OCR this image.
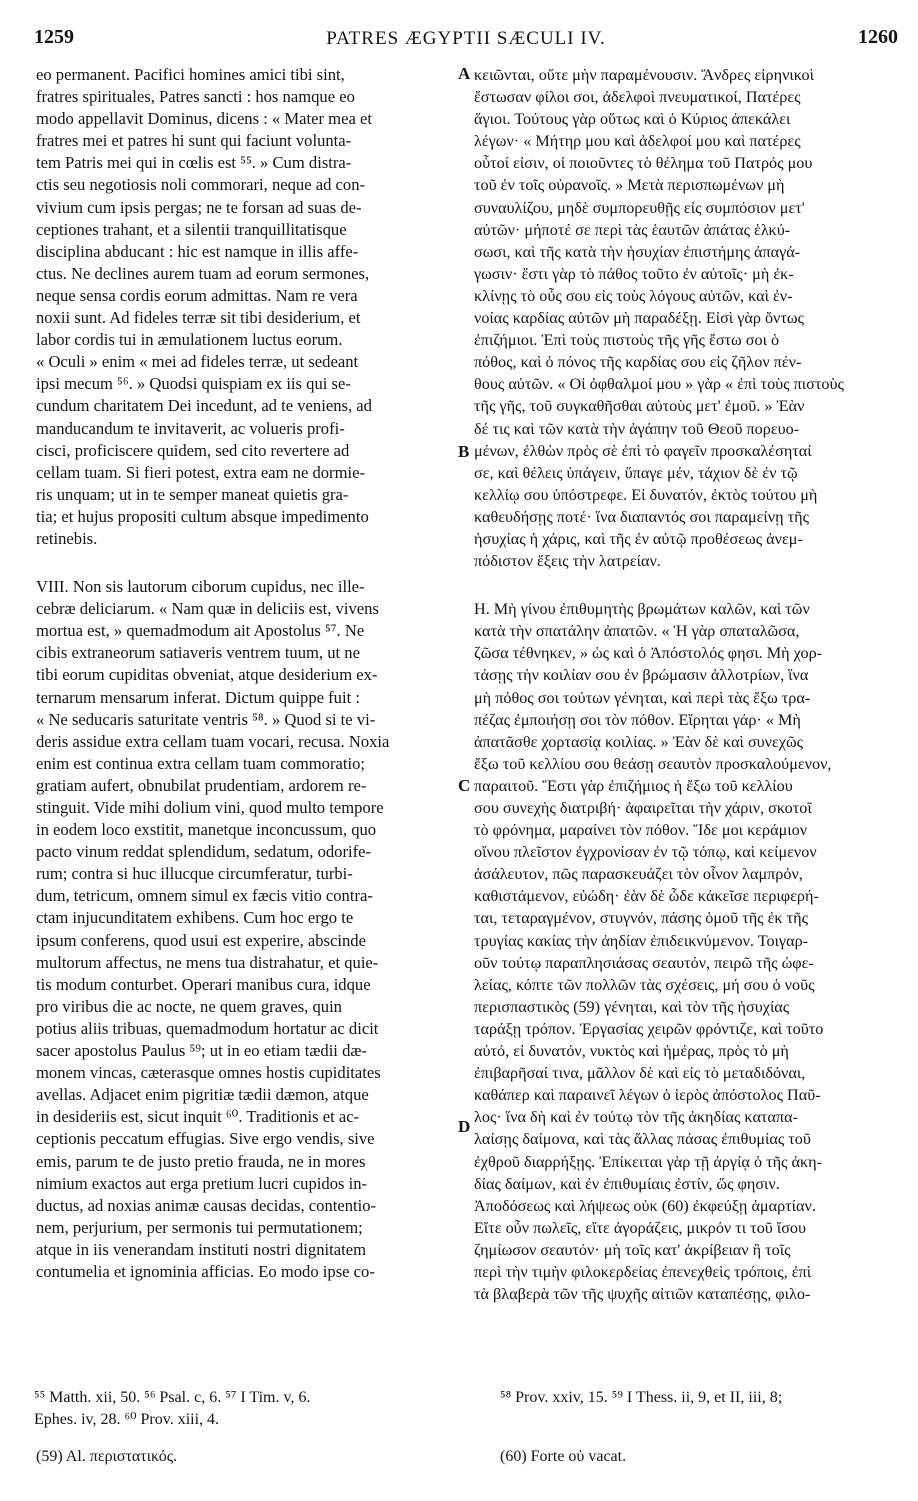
1259	PATRES ÆGYPTII SÆCULI IV.	1260
eo permanent. Pacifici homines amici tibi sint,
fratres spirituales, Patres sancti : hos namque eo
modo appellavit Dominus, dicens : « Mater mea et
fratres mei et patres hi sunt qui faciunt volunta-
tem Patris mei qui in cœlis est ⁵⁵. » Cum distra-
ctis seu negotiosis noli commorari, neque ad con-
vivium cum ipsis pergas; ne te forsan ad suas de-
ceptiones trahant, et a silentii tranquillitatisque
disciplina abducant : hic est namque in illis affe-
ctus. Ne declines aurem tuam ad eorum sermones,
neque sensa cordis eorum admittas. Nam re vera
noxii sunt. Ad fideles terræ sit tibi desiderium, et
labor cordis tui in æmulationem luctus eorum.
« Oculi » enim « mei ad fideles terræ, ut sedeant
ipsi mecum ⁵⁶. » Quodsi quispiam ex iis qui se-
cundum charitatem Dei incedunt, ad te veniens, ad
manducandum te invitaverit, ac volueris profi-
cisci, proficiscere quidem, sed cito revertere ad
cellam tuam. Si fieri potest, extra eam ne dormie-
ris unquam; ut in te semper maneat quietis gra-
tia; et hujus propositi cultum absque impedimento
retinebis.
VIII. Non sis lautorum ciborum cupidus, nec ille-
cebræ deliciarum. « Nam quæ in deliciis est, vivens
mortua est, » quemadmodum ait Apostolus ⁵⁷. Ne
cibis extraneorum satiaveris ventrem tuum, ut ne
tibi eorum cupiditas obveniat, atque desiderium ex-
ternarum mensarum inferat. Dictum quippe fuit :
« Ne seducaris saturitate ventris ⁵⁸. » Quod si te vi-
deris assidue extra cellam tuam vocari, recusa. Noxia
enim est continua extra cellam tuam commoratio;
gratiam aufert, obnubilat prudentiam, ardorem re-
stinguit. Vide mihi dolium vini, quod multo tempore
in eodem loco exstitit, manetque inconcussum, quo
pacto vinum reddat splendidum, sedatum, odorife-
rum; contra si huc illucque circumferatur, turbi-
dum, tetricum, omnem simul ex fæcis vitio contra-
ctam injucunditatem exhibens. Cum hoc ergo te
ipsum conferens, quod usui est experire, abscinde
multorum affectus, ne mens tua distrahatur, et quie-
tis modum conturbet. Operari manibus cura, idque
pro viribus die ac nocte, ne quem graves, quin
potius aliis tribuas, quemadmodum hortatur ac dicit
sacer apostolus Paulus ⁵⁹; ut in eo etiam tædii dæ-
monem vincas, cæterasque omnes hostis cupiditates
avellas. Adjacet enim pigritiæ tædii dæmon, atque
in desideriis est, sicut inquit ⁶⁰. Traditionis et ac-
ceptionis peccatum effugias. Sive ergo vendis, sive
emis, parum te de justo pretio frauda, ne in mores
nimium exactos aut erga pretium lucri cupidos in-
ductus, ad noxias animæ causas decidas, contentio-
nem, perjurium, per sermonis tui permutationem;
atque in iis venerandam instituti nostri dignitatem
contumelia et ignominia afficias. Eo modo ipse co-
κειῶνται, οὔτε μὴν παραμένουσιν. Ἄνδρες εἰρηνικοὶ
ἔστωσαν φίλοι σοι, ἀδελφοὶ πνευματικοί, Πατέρες
ἅγιοι. Τούτους γὰρ οὕτως καὶ ὁ Κύριος ἀπεκάλει
λέγων· « Μήτηρ μου καὶ ἀδελφοί μου καὶ πατέρες
οὗτοί εἰσιν, οἱ ποιοῦντες τὸ θέλημα τοῦ Πατρός μου
τοῦ ἐν τοῖς οὐρανοῖς. » Μετὰ περισπωμένων μὴ
συναυλίζου, μηδὲ συμπορευθῇς εἰς συμπόσιον μετ'
αὐτῶν· μήποτέ σε περὶ τὰς ἑαυτῶν ἀπάτας ἑλκύ-
σωσι, καὶ τῆς κατὰ τὴν ἡσυχίαν ἐπιστήμης ἀπαγά-
γωσιν· ἔστι γὰρ τὸ πάθος τοῦτο ἐν αὐτοῖς· μὴ ἐκ-
κλίνῃς τὸ οὖς σου εἰς τοὺς λόγους αὐτῶν, καὶ ἐν-
νοίας καρδίας αὐτῶν μὴ παραδέξῃ. Εἰσὶ γὰρ ὄντως
ἐπιζήμιοι. Ἐπὶ τοὺς πιστοὺς τῆς γῆς ἔστω σοι ὁ
πόθος, καὶ ὁ πόνος τῆς καρδίας σου εἰς ζῆλον πέν-
θους αὐτῶν. « Οἱ ὀφθαλμοί μου » γὰρ « ἐπὶ τοὺς πιστοὺς
τῆς γῆς, τοῦ συγκαθῆσθαι αὐτοὺς μετ' ἐμοῦ. » Ἐὰν
δέ τις καὶ τῶν κατὰ τὴν ἀγάπην τοῦ Θεοῦ πορευο-
μένων, ἐλθὼν πρὸς σὲ ἐπὶ τὸ φαγεῖν προσκαλέσηταί
σε, καὶ θέλεις ὑπάγειν, ὕπαγε μέν, τάχιον δὲ ἐν τῷ
κελλίῳ σου ὑπόστρεφε. Εἰ δυνατόν, ἐκτὸς τούτου μὴ
καθευδήσῃς ποτέ· ἵνα διαπαντός σοι παραμείνῃ τῆς
ἡσυχίας ἡ χάρις, καὶ τῆς ἐν αὐτῷ προθέσεως ἀνεμ-
πόδιστον ἕξεις τὴν λατρείαν.
Η. Μὴ γίνου ἐπιθυμητὴς βρωμάτων καλῶν, καὶ τῶν
κατὰ τὴν σπατάλην ἀπατῶν. « Ἡ γὰρ σπαταλῶσα,
ζῶσα τέθνηκεν, » ὡς καὶ ὁ Ἀπόστολός φησι. Μὴ χορ-
τάσῃς τὴν κοιλίαν σου ἐν βρώμασιν ἀλλοτρίων, ἵνα
μὴ πόθος σοι τούτων γένηται, καὶ περὶ τὰς ἔξω τρα-
πέζας ἐμποιήσῃ σοι τὸν πόθον. Εἴρηται γάρ· « Μὴ
ἀπατᾶσθε χορτασίᾳ κοιλίας. » Ἐὰν δὲ καὶ συνεχῶς
ἔξω τοῦ κελλίου σου θεάσῃ σεαυτὸν προσκαλούμενον,
παραιτοῦ. Ἔστι γὰρ ἐπιζήμιος ἡ ἔξω τοῦ κελλίου
σου συνεχὴς διατριβή· ἀφαιρεῖται τὴν χάριν, σκοτοῖ
τὸ φρόνημα, μαραίνει τὸν πόθον. Ἴδε μοι κεράμιον
οἴνου πλεῖστον ἐγχρονίσαν ἐν τῷ τόπῳ, καὶ κείμενον
ἀσάλευτον, πῶς παρασκευάζει τὸν οἶνον λαμπρόν,
καθιστάμενον, εὐώδη· ἐὰν δὲ ὧδε κἀκεῖσε περιφερή-
ται, τεταραγμένον, στυγνόν, πάσης ὁμοῦ τῆς ἐκ τῆς
τρυγίας κακίας τὴν ἀηδίαν ἐπιδεικνύμενον. Τοιγαρ-
οῦν τούτῳ παραπλησιάσας σεαυτόν, πειρῶ τῆς ὠφε-
λείας, κόπτε τῶν πολλῶν τὰς σχέσεις, μή σου ὁ νοῦς
περισπαστικὸς (59) γένηται, καὶ τὸν τῆς ἡσυχίας
ταράξῃ τρόπον. Ἐργασίας χειρῶν φρόντιζε, καὶ τοῦτο
αὐτό, εἰ δυνατόν, νυκτὸς καὶ ἡμέρας, πρὸς τὸ μὴ
ἐπιβαρῆσαί τινα, μᾶλλον δὲ καὶ εἰς τὸ μεταδιδόναι,
καθάπερ καὶ παραινεῖ λέγων ὁ ἱερὸς ἀπόστολος Παῦ-
λος· ἵνα δὴ καὶ ἐν τούτῳ τὸν τῆς ἀκηδίας καταπα-
λαίσῃς δαίμονα, καὶ τὰς ἄλλας πάσας ἐπιθυμίας τοῦ
ἐχθροῦ διαρρήξῃς. Ἐπίκειται γὰρ τῇ ἀργίᾳ ὁ τῆς ἀκη-
δίας δαίμων, καὶ ἐν ἐπιθυμίαις ἐστίν, ὥς φησιν.
Ἀποδόσεως καὶ λήψεως οὐκ (60) ἐκφεύξῃ ἁμαρτίαν.
Εἴτε οὖν πωλεῖς, εἴτε ἀγοράζεις, μικρόν τι τοῦ ἴσου
ζημίωσον σεαυτόν· μὴ τοῖς κατ' ἀκρίβειαν ἢ τοῖς
περὶ τὴν τιμὴν φιλοκερδείας ἐπενεχθεὶς τρόποις, ἐπὶ
τὰ βλαβερὰ τῶν τῆς ψυχῆς αἰτιῶν καταπέσῃς, φιλο-
A
B
C
D
⁵⁵ Matth. xii, 50. ⁵⁶ Psal. c, 6. ⁵⁷ I Tim. v, 6.
Ephes. iv, 28. ⁶⁰ Prov. xiii, 4.
⁵⁸ Prov. xxiv, 15. ⁵⁹ I Thess. ii, 9, et II, iii, 8;
(59) Al. περιστατικός.	(60) Forte οὐ vacat.
